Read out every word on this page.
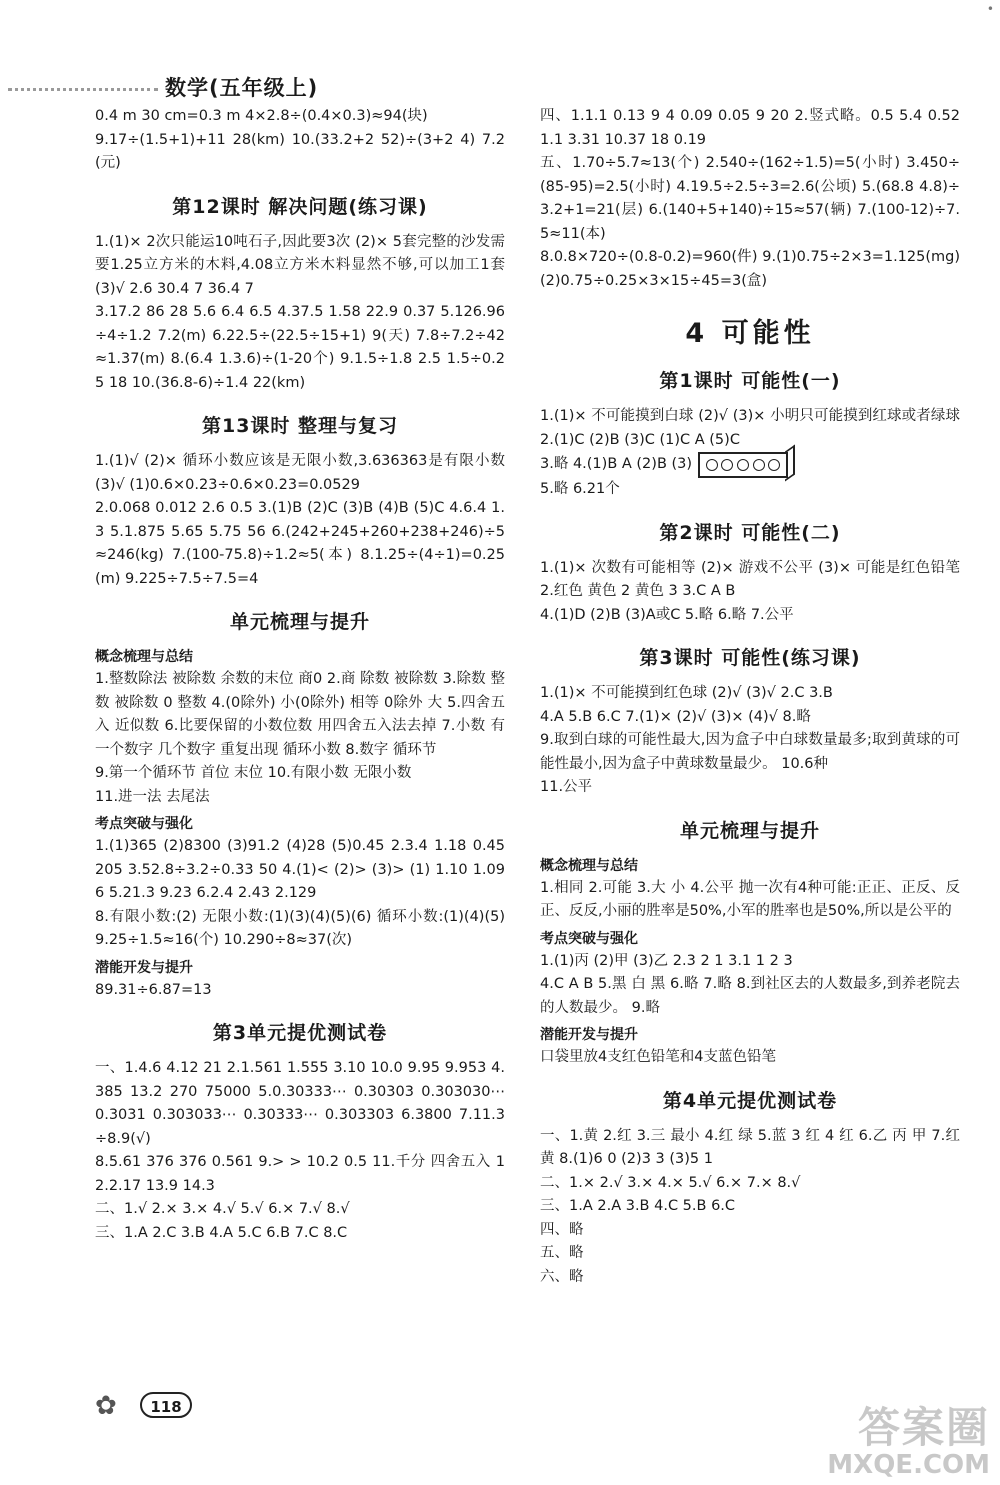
数学(五年级上)
•

0.4 m 30 cm=0.3 m 4×2.8÷(0.4×0.3)≈94(块)

9.17÷(1.5+1)+11 28(km) 10.(33.2+2 52)÷(3+2 4) 7.2(元)

第12课时 解决问题(练习课)

1.(1)× 2次只能运10吨石子,因此要3次 (2)× 5套完整的沙发需要1.25立方米的木料,4.08立方米木料显然不够,可以加工1套 (3)√ 2.6 30.4 7 36.4 7

3.17.2 86 28 5.6 6.4 6.5 4.37.5 1.58 22.9 0.37 5.126.96÷4÷1.2 7.2(m) 6.22.5÷(22.5÷15+1) 9(天) 7.8÷7.2÷42≈1.37(m) 8.(6.4 1.3.6)÷(1-20个) 9.1.5÷1.8 2.5 1.5÷0.25 18 10.(36.8-6)÷1.4 22(km)

第13课时 整理与复习

1.(1)√ (2)× 循环小数应该是无限小数,3.636363是有限小数 (3)√ (1)0.6×0.23÷0.6×0.23=0.0529

2.0.068 0.012 2.6 0.5 3.(1)B (2)C (3)B (4)B (5)C 4.6.4 1.3 5.1.875 5.65 5.75 56 6.(242+245+260+238+246)÷5≈246(kg) 7.(100-75.8)÷1.2≈5(本) 8.1.25÷(4÷1)=0.25(m) 9.225÷7.5÷7.5=4

单元梳理与提升
概念梳理与总结

1.整数除法 被除数 余数的末位 商0 2.商 除数 被除数 3.除数 整数 被除数 0 整数 4.(0除外) 小(0除外) 相等 0除外 大 5.四舍五入 近似数 6.比要保留的小数位数 用四舍五入法去掉 7.小数 有一个数字 几个数字 重复出现 循环小数 8.数字 循环节

9.第一个循环节 首位 末位 10.有限小数 无限小数

11.进一法 去尾法

考点突破与强化

1.(1)365 (2)8300 (3)91.2 (4)28 (5)0.45 2.3.4 1.18 0.45 205 3.52.8÷3.2÷0.33 50 4.(1)< (2)> (3)> (1) 1.10 1.096 5.21.3 9.23 6.2.4 2.43 2.129

8.有限小数:(2) 无限小数:(1)(3)(4)(5)(6) 循环小数:(1)(4)(5) 9.25÷1.5≈16(个) 10.290÷8≈37(次)

潜能开发与提升

89.31÷6.87=13

第3单元提优测试卷

一、1.4.6 4.12 21 2.1.561 1.555 3.10 10.0 9.95 9.953 4.385 13.2 270 75000 5.0.30333⋯ 0.30303 0.303030⋯ 0.3031 0.303033⋯ 0.30333⋯ 0.303303 6.3800 7.11.3÷8.9(√)

8.5.61 376 376 0.561 9.> > 10.2 0.5 11.千分 四舍五入 12.2.17 13.9 14.3

二、1.√ 2.× 3.× 4.√ 5.√ 6.× 7.√ 8.√

三、1.A 2.C 3.B 4.A 5.C 6.B 7.C 8.C

四、1.1.1 0.13 9 4 0.09 0.05 9 20 2.竖式略。0.5 5.4 0.52 1.1 3.31 10.37 18 0.19

五、1.70÷5.7≈13(个) 2.540÷(162÷1.5)=5(小时) 3.450÷(85-95)=2.5(小时) 4.19.5÷2.5÷3=2.6(公顷) 5.(68.8 4.8)÷3.2+1=21(层) 6.(140+5+140)÷15≈57(辆) 7.(100-12)÷7.5≈11(本)

8.0.8×720÷(0.8-0.2)=960(件) 9.(1)0.75÷2×3=1.125(mg) (2)0.75÷0.25×3×15÷45=3(盒)

4 可能性
第1课时 可能性(一)

1.(1)× 不可能摸到白球 (2)√ (3)× 小明只可能摸到红球或者绿球 2.(1)C (2)B (3)C (1)C A (5)C

3.略 4.(1)B A (2)B (3)

5.略 6.21个

第2课时 可能性(二)

1.(1)× 次数有可能相等 (2)× 游戏不公平 (3)× 可能是红色铅笔 2.红色 黄色 2 黄色 3 3.C A B

4.(1)D (2)B (3)A或C 5.略 6.略 7.公平

第3课时 可能性(练习课)

1.(1)× 不可能摸到红色球 (2)√ (3)√ 2.C 3.B

4.A 5.B 6.C 7.(1)× (2)√ (3)× (4)√ 8.略

9.取到白球的可能性最大,因为盒子中白球数量最多;取到黄球的可能性最小,因为盒子中黄球数量最少。 10.6种

11.公平

单元梳理与提升
概念梳理与总结

1.相同 2.可能 3.大 小 4.公平 抛一次有4种可能:正正、正反、反正、反反,小丽的胜率是50%,小军的胜率也是50%,所以是公平的

考点突破与强化

1.(1)丙 (2)甲 (3)乙 2.3 2 1 3.1 1 2 3

4.C A B 5.黑 白 黑 6.略 7.略 8.到社区去的人数最多,到养老院去的人数最少。 9.略

潜能开发与提升

口袋里放4支红色铅笔和4支蓝色铅笔

第4单元提优测试卷

一、1.黄 2.红 3.三 最小 4.红 绿 5.蓝 3 红 4 红 6.乙 丙 甲 7.红 黄 8.(1)6 0 (2)3 3 (3)5 1

二、1.× 2.√ 3.× 4.× 5.√ 6.× 7.× 8.√

三、1.A 2.A 3.B 4.C 5.B 6.C

四、略

五、略

六、略

✿	118	答案圈
MXQE.COM
